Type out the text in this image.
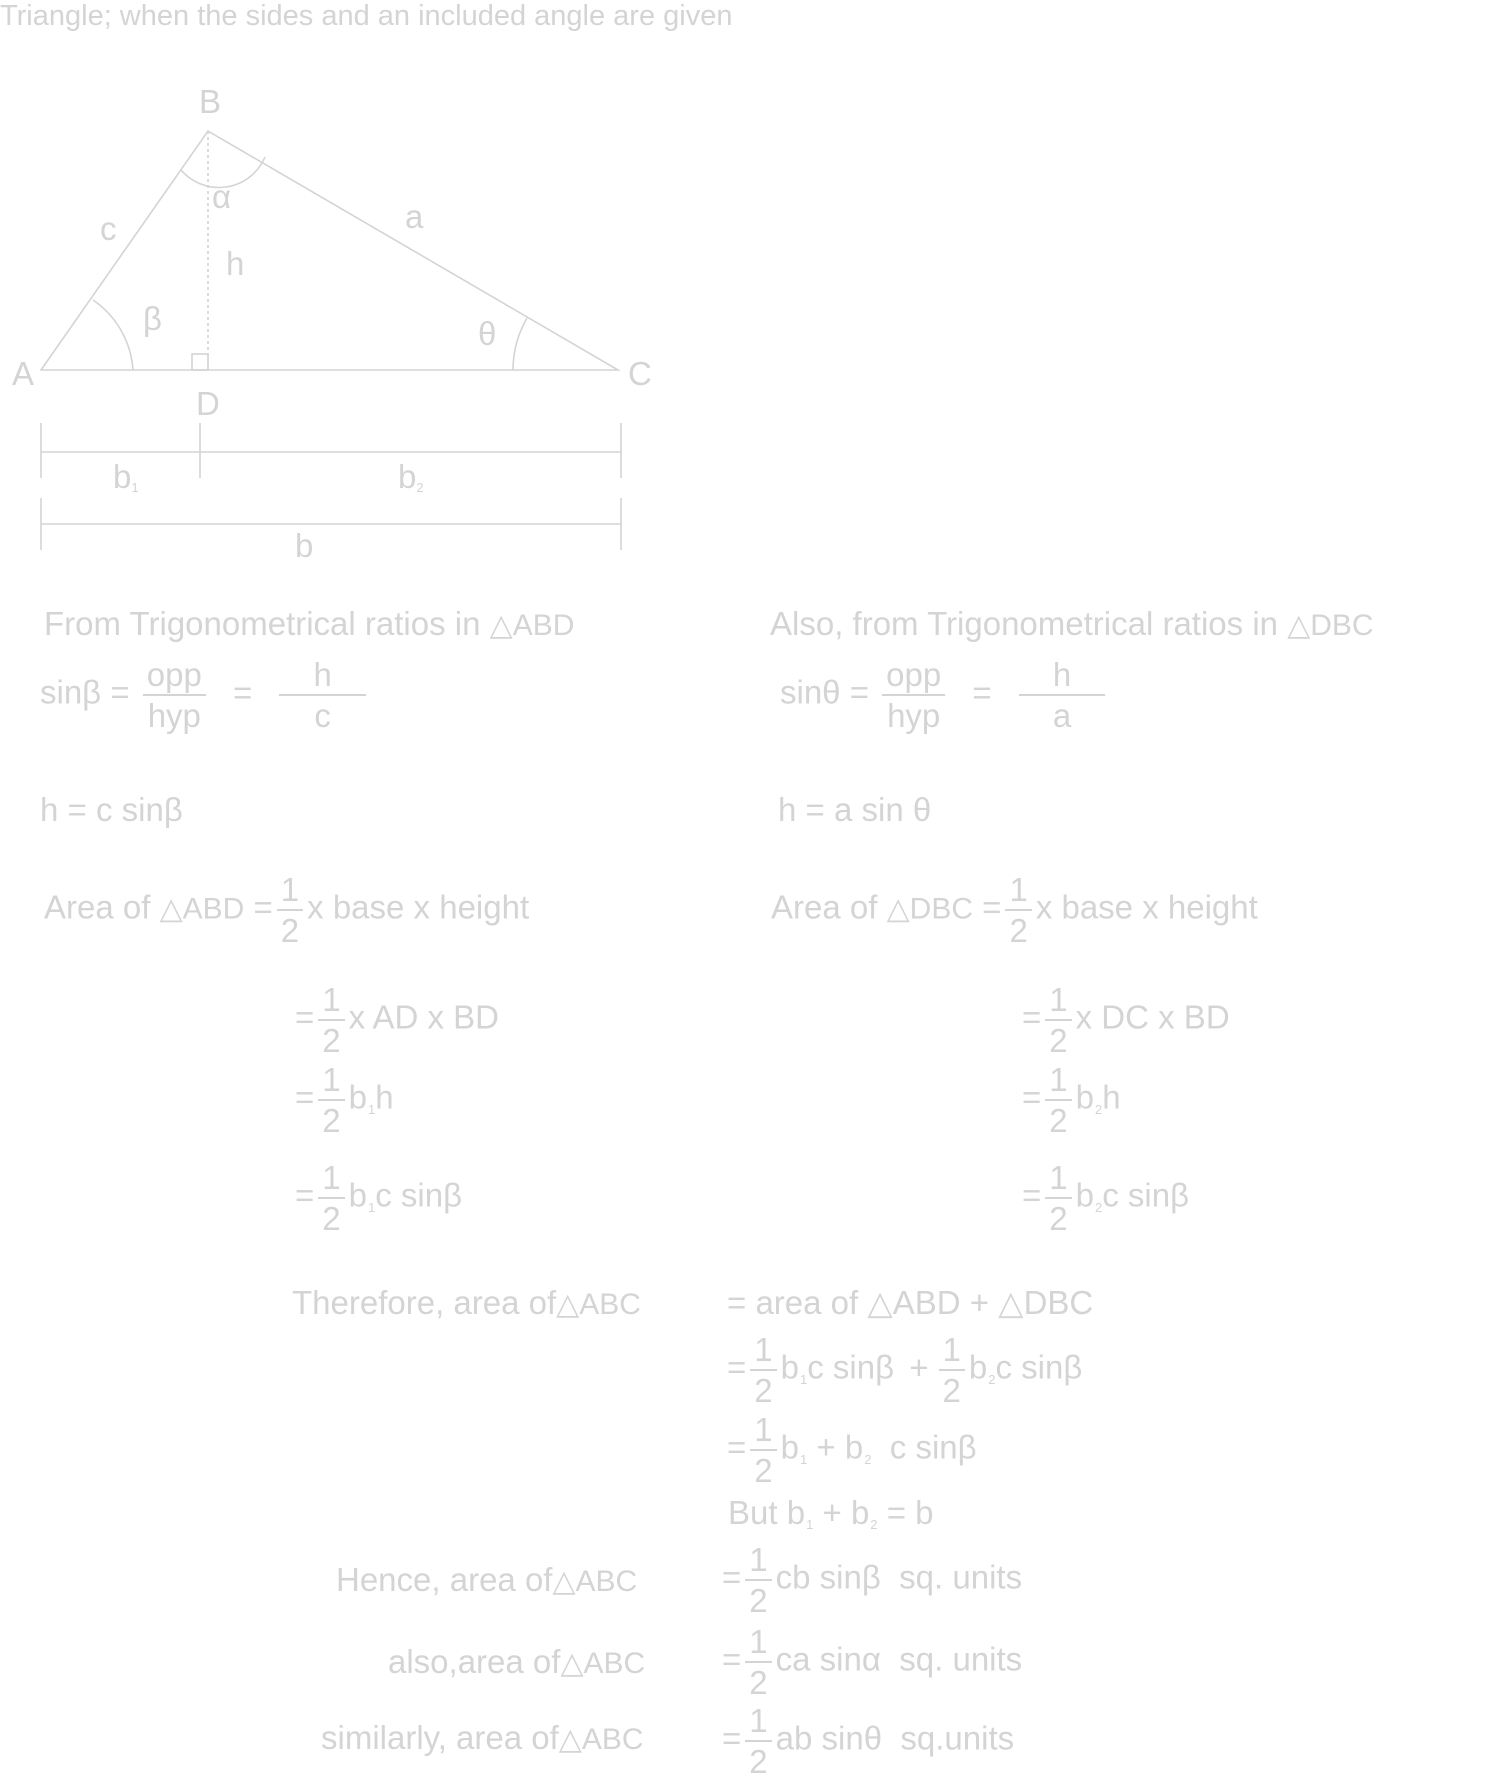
Triangle; when the sides and an included angle are given
B
A	C
D
c	a
h
α
β	θ
b1	b2
b
From Trigonometrical ratios in △ABD
$\sin\beta = \frac{\text{opp}}{\text{hyp}} = \frac{h}{c}$
h = c sinβ
Area of △ABD = $\frac{1}{2}$ x base x height
= $\frac{1}{2}$ x AD x BD
= $\frac{1}{2} b_1h$
= $\frac{1}{2} b_1c$ sinβ
Also, from Trigonometrical ratios in △DBC
$\sin\theta = \frac{\text{opp}}{\text{hyp}} = \frac{h}{a}$
h = a sin θ
Area of △DBC = $\frac{1}{2}$ x base x height
= $\frac{1}{2}$ x DC x BD
= $\frac{1}{2} b_2h$
= $\frac{1}{2} b_2c$ sinβ
Therefore, area of△ABC	= area of △ABD + △DBC
= $\frac{1}{2} b_1c$ $\sin\beta + \frac{1}{2} b_2c$ sinβ
= $\frac{1}{2} b_1 + b_2$ c sinβ
But $b_1 + b_2 = b$
Hence, area of△ABC	= $\frac{1}{2}$ cb sinβ sq. units
also,area of△ABC = $\frac{1}{2}$ ca sinα sq. units
similarly, area of△ABC = $\frac{1}{2}$ ab sinθ sq.units
